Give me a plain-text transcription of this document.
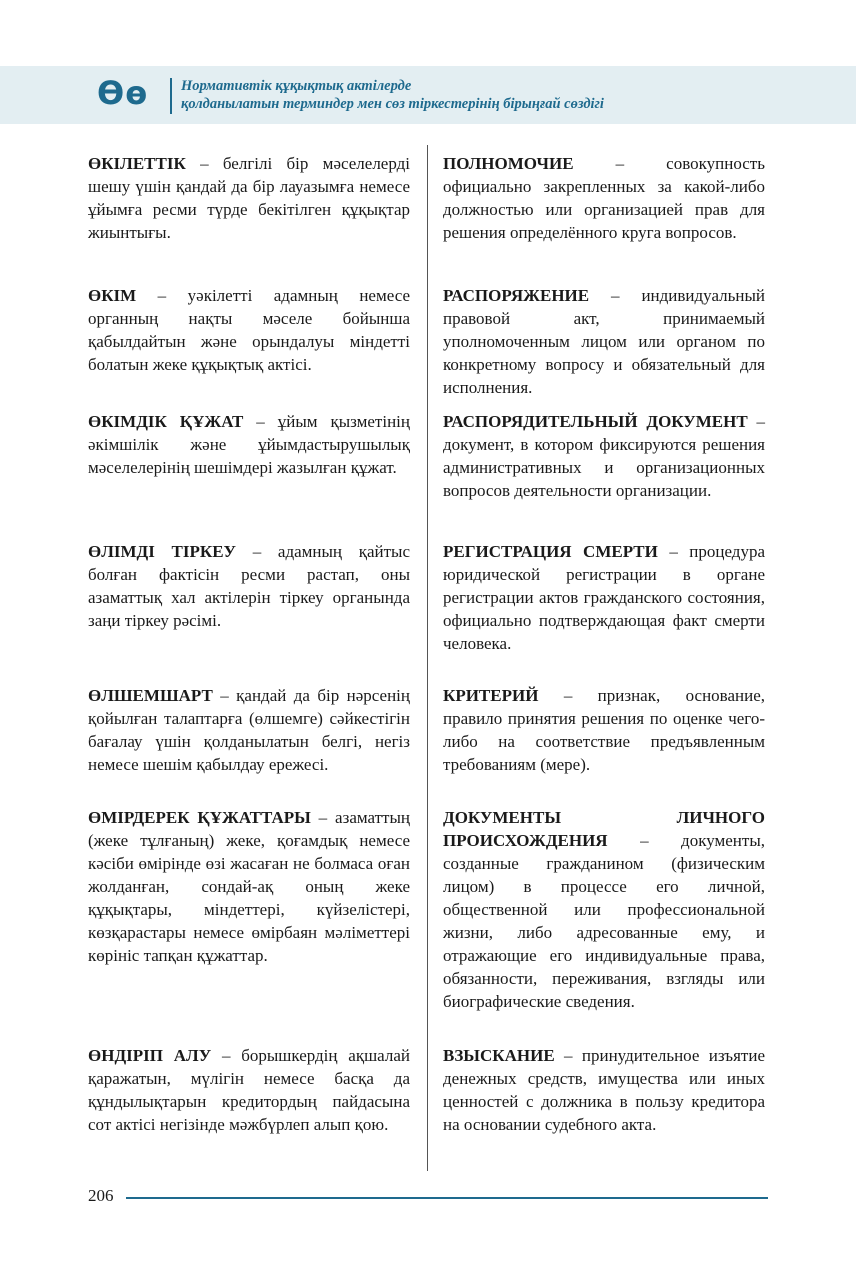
Өө Нормативтік құқықтық актілерде
қолданылатын терминдер мен сөз тіркестерінің бірыңғай сөздігі
ӨКІЛЕТТІК – белгілі бір мәселелерді шешу үшін қандай да бір лауазымға немесе ұйымға ресми түрде бекітілген құқықтар жиынтығы.
ПОЛНОМОЧИЕ – совокупность официально закрепленных за какой-либо должностью или организацией прав для решения определённого круга вопросов.
ӨКІМ – уәкілетті адамның немесе органның нақты мәселе бойынша қабылдайтын және орындалуы міндетті болатын жеке құқықтық актісі.
РАСПОРЯЖЕНИЕ – индивидуальный правовой акт, принимаемый уполномоченным лицом или органом по конкретному вопросу и обязательный для исполнения.
ӨКІМДІК ҚҰЖАТ – ұйым қызметінің әкімшілік және ұйымдастырушылық мәселелерінің шешімдері жазылған құжат.
РАСПОРЯДИТЕЛЬНЫЙ ДОКУМЕНТ – документ, в котором фиксируются решения административных и организационных вопросов деятельности организации.
ӨЛІМДІ ТІРКЕУ – адамның қайтыс болған фактісін ресми растап, оны азаматтық хал актілерін тіркеу органында заңи тіркеу рәсімі.
РЕГИСТРАЦИЯ СМЕРТИ – процедура юридической регистрации в органе регистрации актов гражданского состояния, официально подтверждающая факт смерти человека.
ӨЛШЕМШАРТ – қандай да бір нәрсенің қойылған талаптарға (өлшемге) сәйкестігін бағалау үшін қолданылатын белгі, негіз немесе шешім қабылдау ережесі.
КРИТЕРИЙ – признак, основание, правило принятия решения по оценке чего-либо на соответствие предъявленным требованиям (мере).
ӨМІРДЕРЕК ҚҰЖАТТАРЫ – азаматтың (жеке тұлғаның) жеке, қоғамдық немесе кәсіби өмірінде өзі жасаған не болмаса оған жолданған, сондай-ақ оның жеке құқықтары, міндеттері, күйзелістері, көзқарастары немесе өмірбаян мәліметтері көрініс тапқан құжаттар.
ДОКУМЕНТЫ ЛИЧНОГО ПРОИСХОЖДЕНИЯ – документы, созданные гражданином (физическим лицом) в процессе его личной, общественной или профессиональной жизни, либо адресованные ему, и отражающие его индивидуальные права, обязанности, переживания, взгляды или биографические сведения.
ӨНДІРІП АЛУ – борышкердің ақшалай қаражатын, мүлігін немесе басқа да құндылықтарын кредитордың пайдасына сот актісі негізінде мәжбүрлеп алып қою.
ВЗЫСКАНИЕ – принудительное изъятие денежных средств, имущества или иных ценностей с должника в пользу кредитора на основании судебного акта.
206
